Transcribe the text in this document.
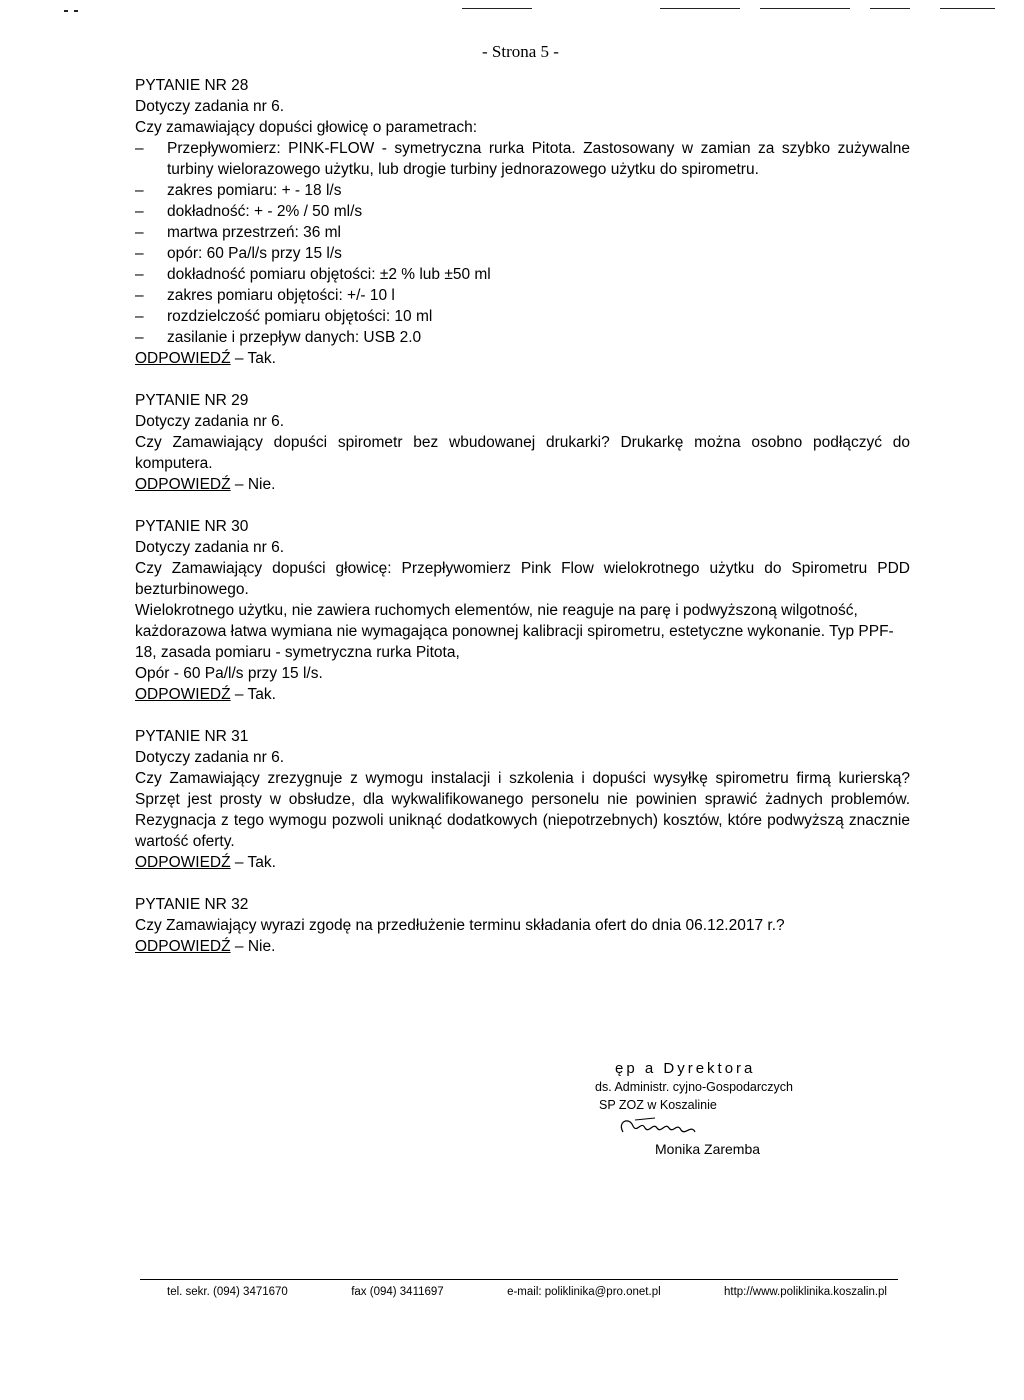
- Strona 5 -

PYTANIE NR 28

Dotyczy zadania nr 6.

Czy zamawiający dopuści głowicę o parametrach:

– Przepływomierz: PINK-FLOW - symetryczna rurka Pitota. Zastosowany w zamian za szybko zużywalne turbiny wielorazowego użytku, lub drogie turbiny jednorazowego użytku do spirometru.
– zakres pomiaru: + - 18 l/s
– dokładność: + - 2% / 50 ml/s
– martwa przestrzeń: 36 ml
– opór: 60 Pa/l/s przy 15 l/s
– dokładność pomiaru objętości: ±2 % lub ±50 ml
– zakres pomiaru objętości: +/- 10 l
– rozdzielczość pomiaru objętości: 10 ml
– zasilanie i przepływ danych: USB 2.0

ODPOWIEDŹ – Tak.

PYTANIE NR 29

Dotyczy zadania nr 6.

Czy Zamawiający dopuści spirometr bez wbudowanej drukarki? Drukarkę można osobno podłączyć do komputera.

ODPOWIEDŹ – Nie.

PYTANIE NR 30

Dotyczy zadania nr 6.

Czy Zamawiający dopuści głowicę: Przepływomierz Pink Flow wielokrotnego użytku do Spirometru PDD bezturbinowego.

Wielokrotnego użytku, nie zawiera ruchomych elementów, nie reaguje na parę i podwyższoną wilgotność, każdorazowa łatwa wymiana nie wymagająca ponownej kalibracji spirometru, estetyczne wykonanie. Typ PPF-18, zasada pomiaru - symetryczna rurka Pitota,

Opór - 60 Pa/l/s przy 15 l/s.

ODPOWIEDŹ – Tak.

PYTANIE NR 31

Dotyczy zadania nr 6.

Czy Zamawiający zrezygnuje z wymogu instalacji i szkolenia i dopuści wysyłkę spirometru firmą kurierską? Sprzęt jest prosty w obsłudze, dla wykwalifikowanego personelu nie powinien sprawić żadnych problemów. Rezygnacja z tego wymogu pozwoli uniknąć dodatkowych (niepotrzebnych) kosztów, które podwyższą znacznie wartość oferty.

ODPOWIEDŹ – Tak.

PYTANIE NR 32

Czy Zamawiający wyrazi zgodę na przedłużenie terminu składania ofert do dnia 06.12.2017 r.?

ODPOWIEDŹ – Nie.

ęp a Dyrektora
ds. Administr. cyjno-Gospodarczych
SP ZOZ w Koszalinie
Monika Zaremba
tel. sekr. (094) 3471670	fax (094) 3411697	e-mail: poliklinika@pro.onet.pl	http://www.poliklinika.koszalin.pl
